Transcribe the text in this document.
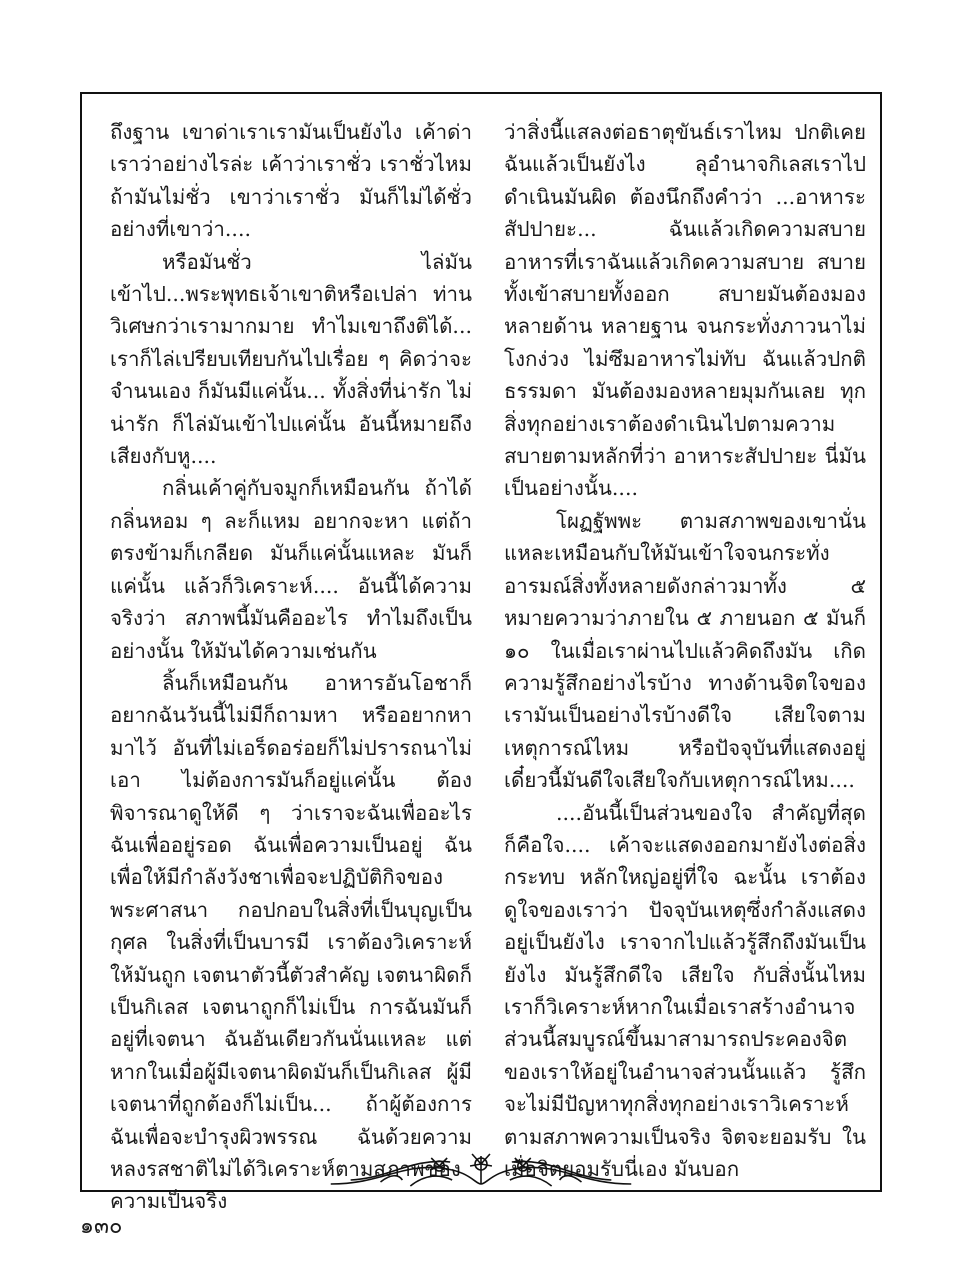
ถึงฐาน เขาด่าเราเรามันเป็นยังไง เค้าด่าเราว่าอย่างไรล่ะ เค้าว่าเราชั่ว เราชั่วไหม ถ้ามันไม่ชั่ว เขาว่าเราชั่ว มันก็ไม่ได้ชั่วอย่างที่เขาว่า....

หรือมันชั่ว ไล่มันเข้าไป...พระพุทธเจ้าเขาติหรือเปล่า ท่านวิเศษกว่าเรามากมาย ทำไมเขาถึงติได้... เราก็ไล่เปรียบเทียบกันไปเรื่อย ๆ คิดว่าจะจำนนเอง ก็มันมีแค่นั้น... ทั้งสิ่งที่น่ารัก ไม่น่ารัก ก็ไล่มันเข้าไปแค่นั้น อันนี้หมายถึงเสียงกับหู....

กลิ่นเค้าคู่กับจมูกก็เหมือนกัน ถ้าได้กลิ่นหอม ๆ ละก็แหม อยากจะหา แต่ถ้าตรงข้ามก็เกลียด มันก็แค่นั้นแหละ มันก็แค่นั้น แล้วก็วิเคราะห์.... อันนี้ได้ความจริงว่า สภาพนี้มันคืออะไร ทำไมถึงเป็นอย่างนั้น ให้มันได้ความเช่นกัน

ลิ้นก็เหมือนกัน อาหารอันโอชาก็อยากฉันวันนี้ไม่มีก็ถามหา หรืออยากหามาไว้ อันที่ไม่เอร็ดอร่อยก็ไม่ปรารถนาไม่เอา ไม่ต้องการมันก็อยู่แค่นั้น ต้องพิจารณาดูให้ดี ๆ ว่าเราจะฉันเพื่ออะไร ฉันเพื่ออยู่รอด ฉันเพื่อความเป็นอยู่ ฉันเพื่อให้มีกำลังวังชาเพื่อจะปฏิบัติกิจของพระศาสนา กอปกอบในสิ่งที่เป็นบุญเป็นกุศล ในสิ่งที่เป็นบารมี เราต้องวิเคราะห์ให้มันถูก เจตนาตัวนี้ตัวสำคัญ เจตนาผิดก็เป็นกิเลส เจตนาถูกก็ไม่เป็น การฉันมันก็อยู่ที่เจตนา ฉันอันเดียวกันนั่นแหละ แต่หากในเมื่อผู้มีเจตนาผิดมันก็เป็นกิเลส ผู้มีเจตนาที่ถูกต้องก็ไม่เป็น... ถ้าผู้ต้องการฉันเพื่อจะบำรุงผิวพรรณ ฉันด้วยความหลงรสชาติไม่ได้วิเคราะห์ตามสภาพของความเป็นจริง

ว่าสิ่งนี้แสลงต่อธาตุขันธ์เราไหม ปกติเคยฉันแล้วเป็นยังไง ลุอำนาจกิเลสเราไปดำเนินมันผิด ต้องนึกถึงคำว่า ...อาหาระสัปปายะ... ฉันแล้วเกิดความสบาย อาหารที่เราฉันแล้วเกิดความสบาย สบายทั้งเข้าสบายทั้งออก สบายมันต้องมองหลายด้าน หลายฐาน จนกระทั่งภาวนาไม่โงกง่วง ไม่ซึมอาหารไม่ทับ ฉันแล้วปกติธรรมดา มันต้องมองหลายมุมกันเลย ทุกสิ่งทุกอย่างเราต้องดำเนินไปตามความสบายตามหลักที่ว่า อาหาระสัปปายะ นี่มันเป็นอย่างนั้น....

โผฏฐัพพะ ตามสภาพของเขานั่นแหละเหมือนกับให้มันเข้าใจจนกระทั่งอารมณ์สิ่งทั้งหลายดังกล่าวมาทั้ง ๕ หมายความว่าภายใน ๕ ภายนอก ๕ มันก็ ๑๐ ในเมื่อเราผ่านไปแล้วคิดถึงมัน เกิดความรู้สึกอย่างไรบ้าง ทางด้านจิตใจของเรามันเป็นอย่างไรบ้างดีใจ เสียใจตามเหตุการณ์ไหม หรือปัจจุบันที่แสดงอยู่เดี๋ยวนี้มันดีใจเสียใจกับเหตุการณ์ไหม....

....อันนี้เป็นส่วนของใจ สำคัญที่สุดก็คือใจ.... เค้าจะแสดงออกมายังไงต่อสิ่งกระทบ หลักใหญ่อยู่ที่ใจ ฉะนั้น เราต้องดูใจของเราว่า ปัจจุบันเหตุซึ่งกำลังแสดงอยู่เป็นยังไง เราจากไปแล้วรู้สึกถึงมันเป็นยังไง มันรู้สึกดีใจ เสียใจ กับสิ่งนั้นไหม เราก็วิเคราะห์หากในเมื่อเราสร้างอำนาจส่วนนี้สมบูรณ์ขึ้นมาสามารถประคองจิตของเราให้อยู่ในอำนาจส่วนนั้นแล้ว รู้สึกจะไม่มีปัญหาทุกสิ่งทุกอย่างเราวิเคราะห์ตามสภาพความเป็นจริง จิตจะยอมรับ ในเมื่อจิตยอมรับนี่เอง มันบอก

๑๓๐
